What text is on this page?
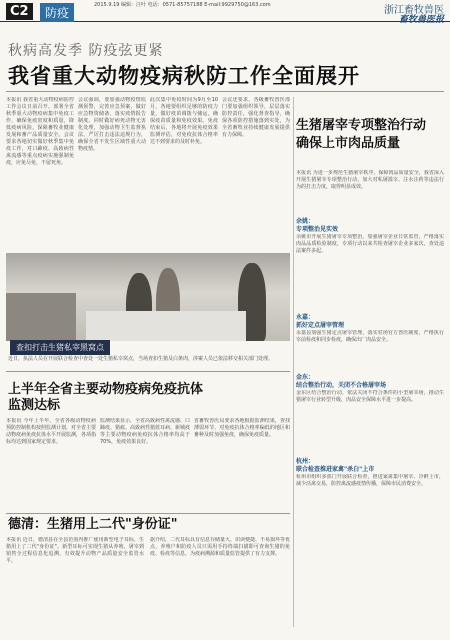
C2	防疫
2015.9.19 编辑：汪叶 电话：0571-85757188 E-mail:9929750@163.com	浙江畜牧兽医
畜牧兽医报
秋病高发季 防疫弦更紧
我省重大动物疫病秋防工作全面展开
本报讯 我省重大动物疫病防控工作会议日前召开。部署全省秋季重大动物疫病集中免疫工作，确保免疫密度和质量，降低疫病风险，保障畜牧业健康发展和畜产品质量安全。会议要求各地切实做好秋季集中免疫工作，对口蹄疫、高致病性禽流感等重点疫病实施强制免疫，应免尽免，不留死角。
会议强调，要加强动物疫情监测预警，完善应急预案，做好应急物资储备，落实疫情报告制度。同时做好病死动物无害化处理，加强动物卫生监督执法，严厉打击违法违规行为，确保全省不发生区域性重大动物疫情。
此次集中免疫时间为9月至10月，各地要组织足够的防疫力量，做好疫苗调拨与储运，确保疫苗质量和免疫效果。免疫结束后，各地将开展免疫效果监测评估，对免疫抗体合格率达不到要求的及时补免。
会议还要求，各级畜牧兽医部门要加强组织领导，层层落实防控责任，强化督查指导，确保各项防控措施落到实处，为全省畜牧业持续健康发展提供有力保障。
生猪屠宰专项整治行动
确保上市肉品质量
本报讯 为进一步规范生猪屠宰秩序，保障肉品质量安全，我省深入开展生猪屠宰专项整治行动，加大对私屠滥宰、注水注药等违法行为的打击力度，取得明显成效。
余姚：
专项整治见实效
余姚市开展生猪屠宰专项整治，加强屠宰企业日常监管，严格落实肉品品质检验制度，专项行动以来共检查屠宰企业多家次，查处违法案件多起。
永嘉：
抓好定点屠宰管理
永嘉县加强生猪定点屠宰管理，落实驻场官方兽医制度，严格执行宰前检疫和同步检疫，确保出厂肉品安全。
金东：
结合整治行动，关闭不合格屠宰场
金东区结合整治行动，依法关闭不符合条件的小型屠宰场，推动生猪屠宰行业转型升级，肉品安全保障水平进一步提高。
杭州：
联合检查推进家禽"杀白"上市
杭州市组织多部门开展联合检查，推进家禽集中屠宰、冷鲜上市，减少活禽交易，防控禽流感疫情传播，保障市民消费安全。
查扣打击生猪私宰黑窝点
近日，执法人员在开展联合检查中查处一处生猪私宰窝点，当场查扣生猪及白条肉，涉案人员已依法移交相关部门处理。
上半年全省主要动物疫病免疫抗体
监测达标
本报讯 今年上半年，全省各级动物疫病预防控制机构按照监测计划，对全省主要动物疫病免疫抗体水平开展监测，各项指标均达到国家规定要求。
监测结果显示，全省高致病性禽流感、口蹄疫、猪瘟、高致病性猪蓝耳病、新城疫等主要动物疫病免疫抗体合格率均高于70%，免疫效果良好。
省畜牧兽医局要求各地根据监测结果，查找薄弱环节，对免疫抗体合格率偏低的地区和畜种及时加强免疫，确保免疫质量。
德清：生猪用上二代"身份证"
本报讯 近日，德清县在全县范围内推广使用新型电子耳标，生猪用上了二代"身份证"。新型耳标可实现生猪从养殖、屠宰到销售全过程信息化追溯，有效提升动物产品质量安全监管水平。
据介绍，二代耳标具有信息存储量大、识读便捷、不易损坏等优点，养殖户和防疫人员只需用手持终端扫描即可查询生猪的免疫、检疫等信息，为疫病溯源和质量监管提供了有力支撑。
